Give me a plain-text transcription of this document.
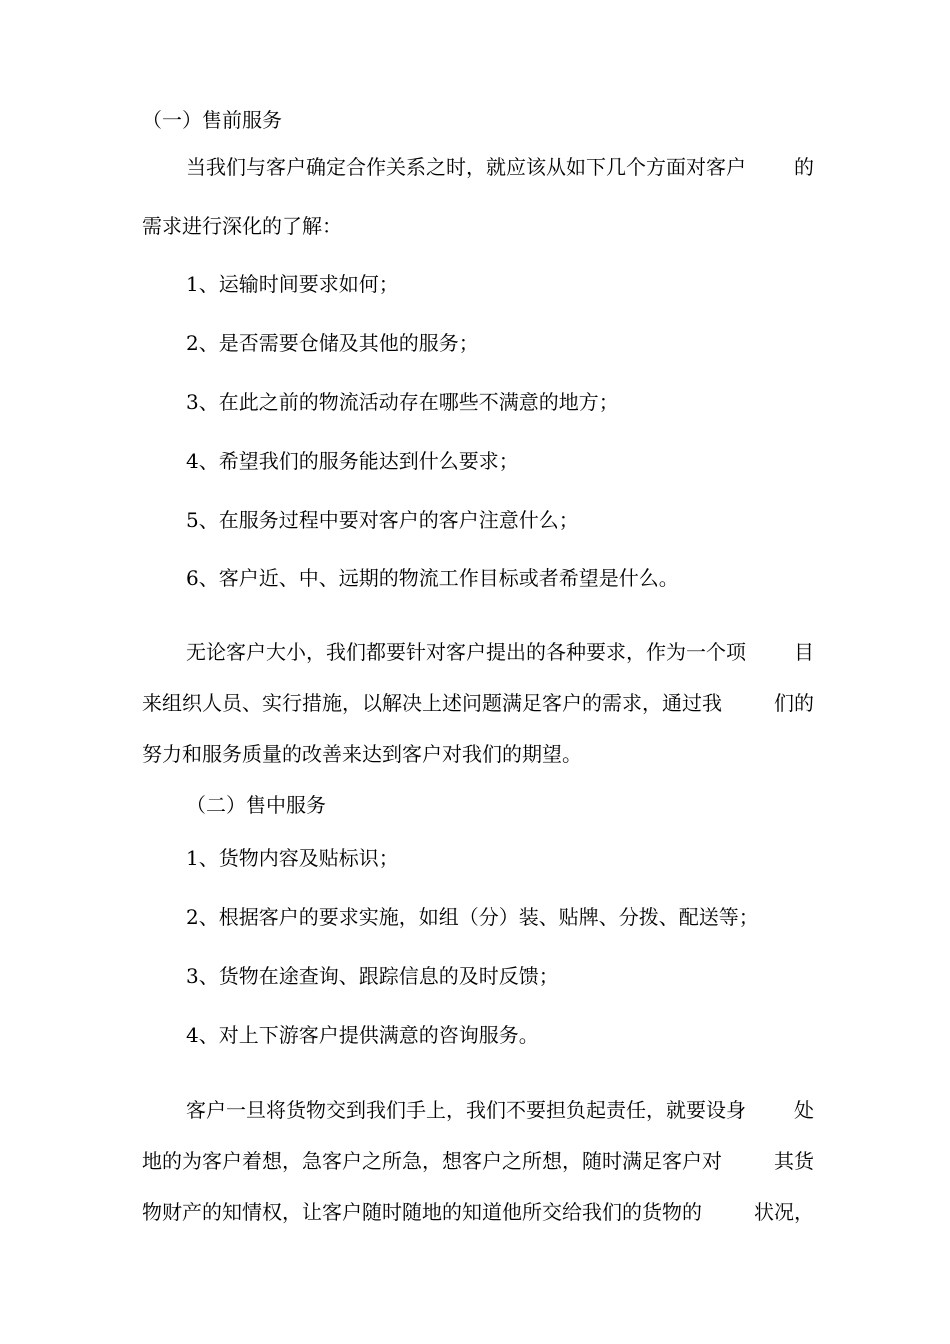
（一）售前服务
当我们与客户确定合作关系之时，就应该从如下几个方面对客户 的
需求进行深化的了解：
1、运输时间要求如何；
2、是否需要仓储及其他的服务；
3、在此之前的物流活动存在哪些不满意的地方；
4、希望我们的服务能达到什么要求；
5、在服务过程中要对客户的客户注意什么；
6、客户近、中、远期的物流工作目标或者希望是什么。
无论客户大小，我们都要针对客户提出的各种要求，作为一个项 目
来组织人员、实行措施，以解决上述问题满足客户的需求，通过我	们的
努力和服务质量的改善来达到客户对我们的期望。
（二）售中服务
1、货物内容及贴标识；
2、根据客户的要求实施，如组（分）装、贴牌、分拨、配送等；
3、货物在途查询、跟踪信息的及时反馈；
4、对上下游客户提供满意的咨询服务。
客户一旦将货物交到我们手上，我们不要担负起责任，就要设身 处
地的为客户着想，急客户之所急，想客户之所想，随时满足客户对	其货
物财产的知情权，让客户随时随地的知道他所交给我们的货物的	状况，
